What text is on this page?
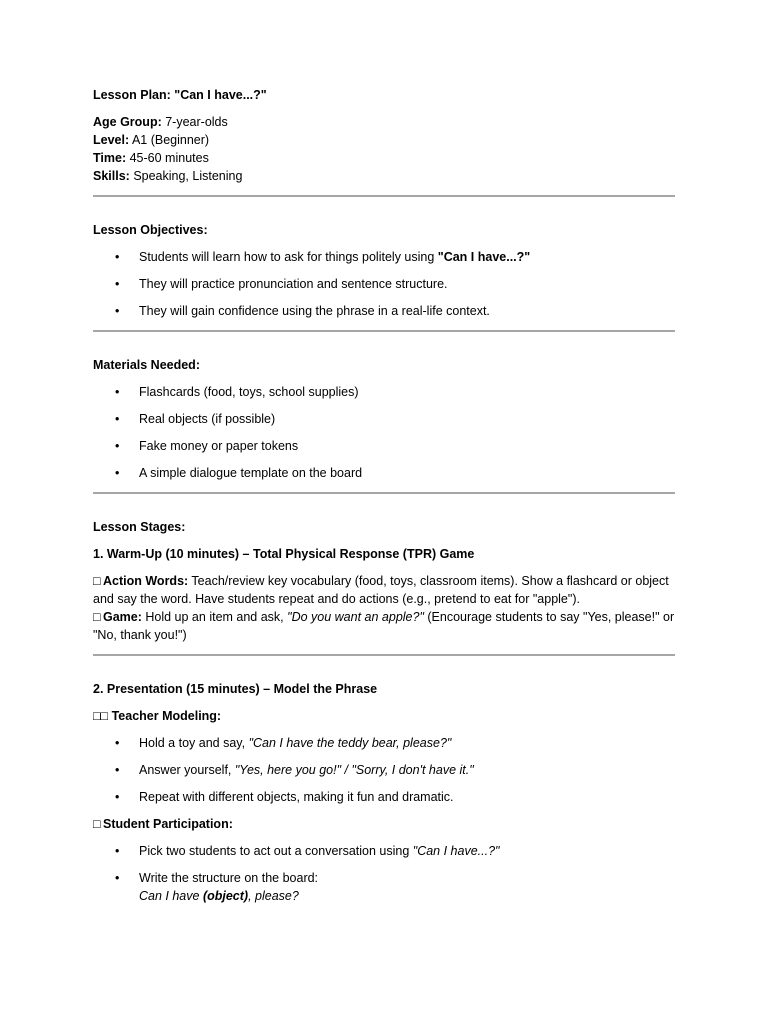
Lesson Plan: "Can I have...?"

Age Group: 7-year-olds

Level: A1 (Beginner)

Time: 45-60 minutes

Skills: Speaking, Listening

Lesson Objectives:

• Students will learn how to ask for things politely using "Can I have...?"
• They will practice pronunciation and sentence structure.
• They will gain confidence using the phrase in a real-life context.

Materials Needed:

• Flashcards (food, toys, school supplies)
• Real objects (if possible)
• Fake money or paper tokens
• A simple dialogue template on the board

Lesson Stages:

1. Warm-Up (10 minutes) – Total Physical Response (TPR) Game

□ Action Words: Teach/review key vocabulary (food, toys, classroom items). Show a flashcard or object and say the word. Have students repeat and do actions (e.g., pretend to eat for "apple").

□ Game: Hold up an item and ask, "Do you want an apple?" (Encourage students to say "Yes, please!" or "No, thank you!")

2. Presentation (15 minutes) – Model the Phrase

□□ Teacher Modeling:

• Hold a toy and say, "Can I have the teddy bear, please?"
• Answer yourself, "Yes, here you go!" / "Sorry, I don't have it."
• Repeat with different objects, making it fun and dramatic.

□ Student Participation:

• Pick two students to act out a conversation using "Can I have...?"
• Write the structure on the board:
Can I have (object), please?
